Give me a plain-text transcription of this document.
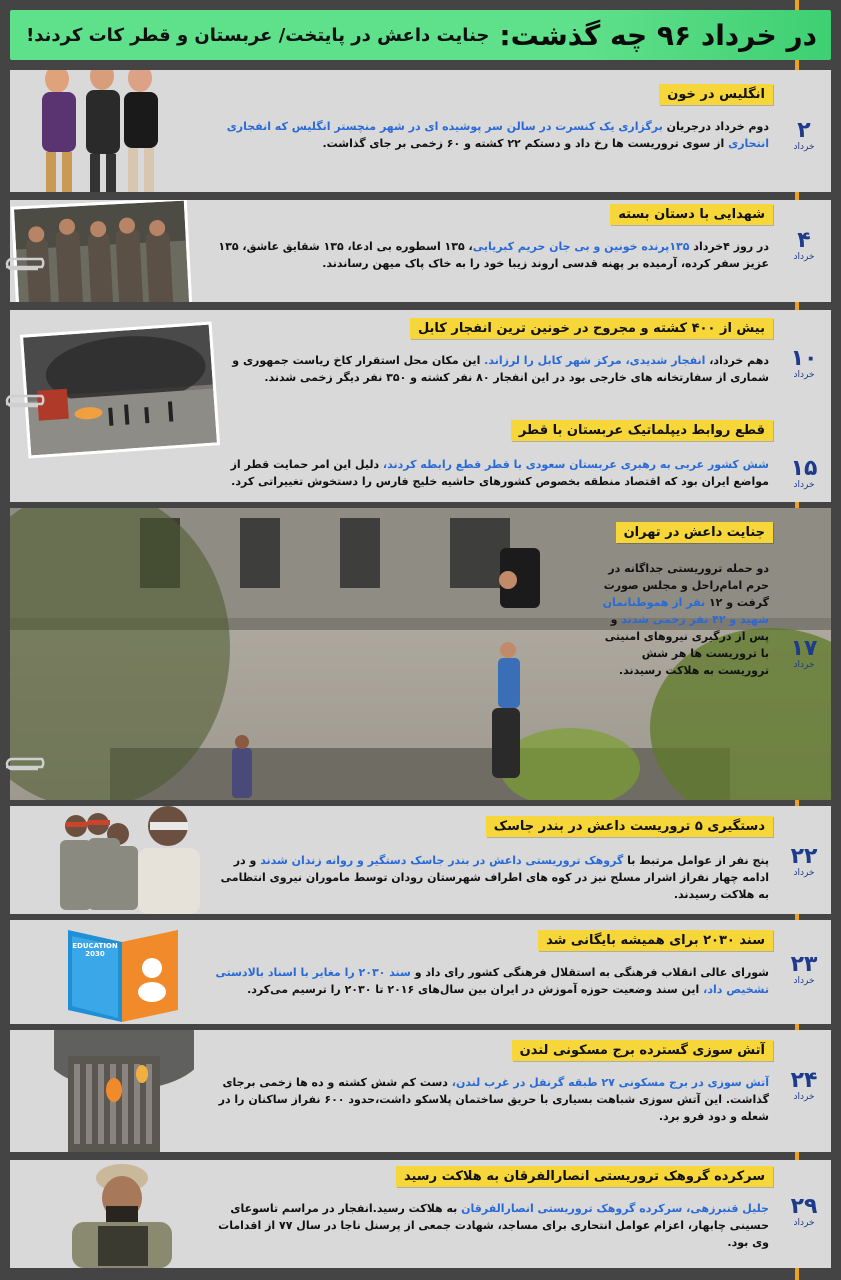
در خرداد ۹۶ چه گذشت:
جنایت داعش در پایتخت/ عربستان و قطر کات کردند!
انگلیس در خون
دوم خرداد درجریان برگزاری یک کنسرت در سالن سر پوشیده ای در شهر منچستر انگلیس که انفجاری انتحاری از سوی تروریست ها رخ داد و دستکم ۲۲ کشته و ۶۰ زخمی بر جای گذاشت.
۲
خرداد
شهدایی با دستان بسته
در روز ۴خرداد ۱۳۵پرنده خونین و بی جان حریم کبریایی، ۱۳۵ اسطوره بی ادعا، ۱۳۵ شقایق عاشق، ۱۳۵ عزیز سفر کرده، آرمیده بر پهنه قدسی اروند زیبا خود را به خاک پاک میهن رساندند.
۴
خرداد
بیش از ۴۰۰ کشته و مجروح در خونین ترین انفجار کابل
دهم خرداد، انفجار شدیدی، مرکز شهر کابل را لرزاند. این مکان محل استقرار کاخ ریاست جمهوری و شماری از سفارتخانه های خارجی بود در این انفجار ۸۰ نفر کشته و ۳۵۰ نفر دیگر زخمی شدند.
۱۰
خرداد
قطع روابط دیپلماتیک عربستان با قطر
شش کشور عربی به رهبری عربستان سعودی با قطر قطع رابطه کردند، دلیل این امر حمایت قطر از مواضع ایران بود که اقتصاد منطقه بخصوص کشورهای حاشیه خلیج فارس را دستخوش تغییراتی کرد.
۱۵
خرداد
جنایت داعش در تهران
دو حمله تروریستی جداگانه در حرم امام‌راحل و مجلس صورت گرفت و ۱۲ نفر از هموطنانمان شهید و ۴۲ نفر زخمی شدند و پس از درگیری نیروهای امنیتی با تروریست ها هر شش تروریست به هلاکت رسیدند.
۱۷
خرداد
دستگیری ۵ تروریست داعش در بندر جاسک
پنج نفر از عوامل مرتبط با گروهک تروریستی داعش در بندر جاسک دستگیر و روانه زندان شدند و در ادامه چهار نفراز اشرار مسلح نیز در کوه های اطراف شهرستان رودان توسط ماموران نیروی انتظامی به هلاکت رسیدند.
۲۲
خرداد
EDUCATION 2030
سند ۲۰۳۰ برای همیشه بایگانی شد
شورای عالی انقلاب فرهنگی به استقلال فرهنگی کشور رای داد و سند ۲۰۳۰ را مغایر با اسناد بالادستی تشخیص داد، این سند وضعیت حوزه آموزش در ایران بین سال‌های ۲۰۱۶ تا ۲۰۳۰ را ترسیم می‌کرد.
۲۳
خرداد
آتش سوزی گسترده برج مسکونی لندن
آتش سوزی در برج مسکونی ۲۷ طبقه گرنفل در غرب لندن، دست کم شش کشته و ده ها زخمی برجای گذاشت. این آتش سوزی شباهت بسیاری با حریق ساختمان پلاسکو داشت،حدود ۶۰۰ نفراز ساکنان را در شعله و دود فرو برد.
۲۴
خرداد
سرکرده گروهک تروریستی انصارالفرقان به هلاکت رسید
جلیل قنبرزهی، سرکرده گروهک تروریستی انصارالفرقان به هلاکت رسید.انفجار در مراسم تاسوعای حسینی چابهار، اعزام عوامل انتحاری برای مساجد، شهادت جمعی از پرسنل ناجا در سال ۷۷ از اقدامات وی بود.
۲۹
خرداد
